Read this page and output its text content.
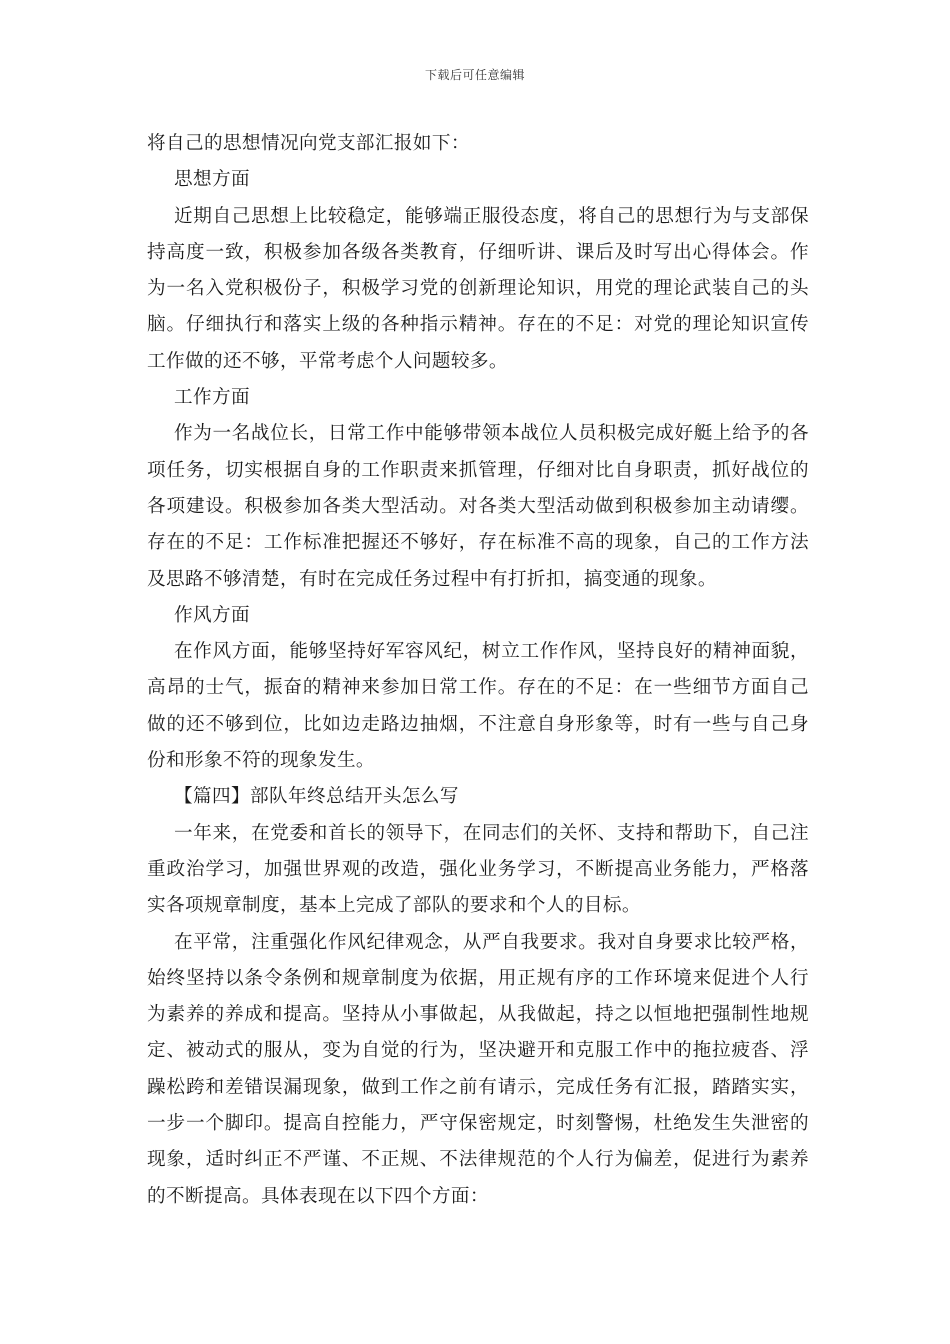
下载后可任意编辑
将自己的思想情况向党支部汇报如下：
思想方面
近期自己思想上比较稳定，能够端正服役态度，将自己的思想行为与支部保
持高度一致，积极参加各级各类教育，仔细听讲、课后及时写出心得体会。作
为一名入党积极份子，积极学习党的创新理论知识，用党的理论武装自己的头
脑。仔细执行和落实上级的各种指示精神。存在的不足：对党的理论知识宣传
工作做的还不够，平常考虑个人问题较多。
工作方面
作为一名战位长，日常工作中能够带领本战位人员积极完成好艇上给予的各
项任务，切实根据自身的工作职责来抓管理，仔细对比自身职责，抓好战位的
各项建设。积极参加各类大型活动。对各类大型活动做到积极参加主动请缨。
存在的不足：工作标准把握还不够好，存在标准不高的现象，自己的工作方法
及思路不够清楚，有时在完成任务过程中有打折扣，搞变通的现象。
作风方面
在作风方面，能够坚持好军容风纪，树立工作作风，坚持良好的精神面貌，
高昂的士气，振奋的精神来参加日常工作。存在的不足：在一些细节方面自己
做的还不够到位，比如边走路边抽烟，不注意自身形象等，时有一些与自己身
份和形象不符的现象发生。
【篇四】部队年终总结开头怎么写
一年来，在党委和首长的领导下，在同志们的关怀、支持和帮助下，自己注
重政治学习，加强世界观的改造，强化业务学习，不断提高业务能力，严格落
实各项规章制度，基本上完成了部队的要求和个人的目标。
在平常，注重强化作风纪律观念，从严自我要求。我对自身要求比较严格，
始终坚持以条令条例和规章制度为依据，用正规有序的工作环境来促进个人行
为素养的养成和提高。坚持从小事做起，从我做起，持之以恒地把强制性地规
定、被动式的服从，变为自觉的行为，坚决避开和克服工作中的拖拉疲沓、浮
躁松跨和差错误漏现象，做到工作之前有请示，完成任务有汇报，踏踏实实，
一步一个脚印。提高自控能力，严守保密规定，时刻警惕，杜绝发生失泄密的
现象，适时纠正不严谨、不正规、不法律规范的个人行为偏差，促进行为素养
的不断提高。具体表现在以下四个方面：
